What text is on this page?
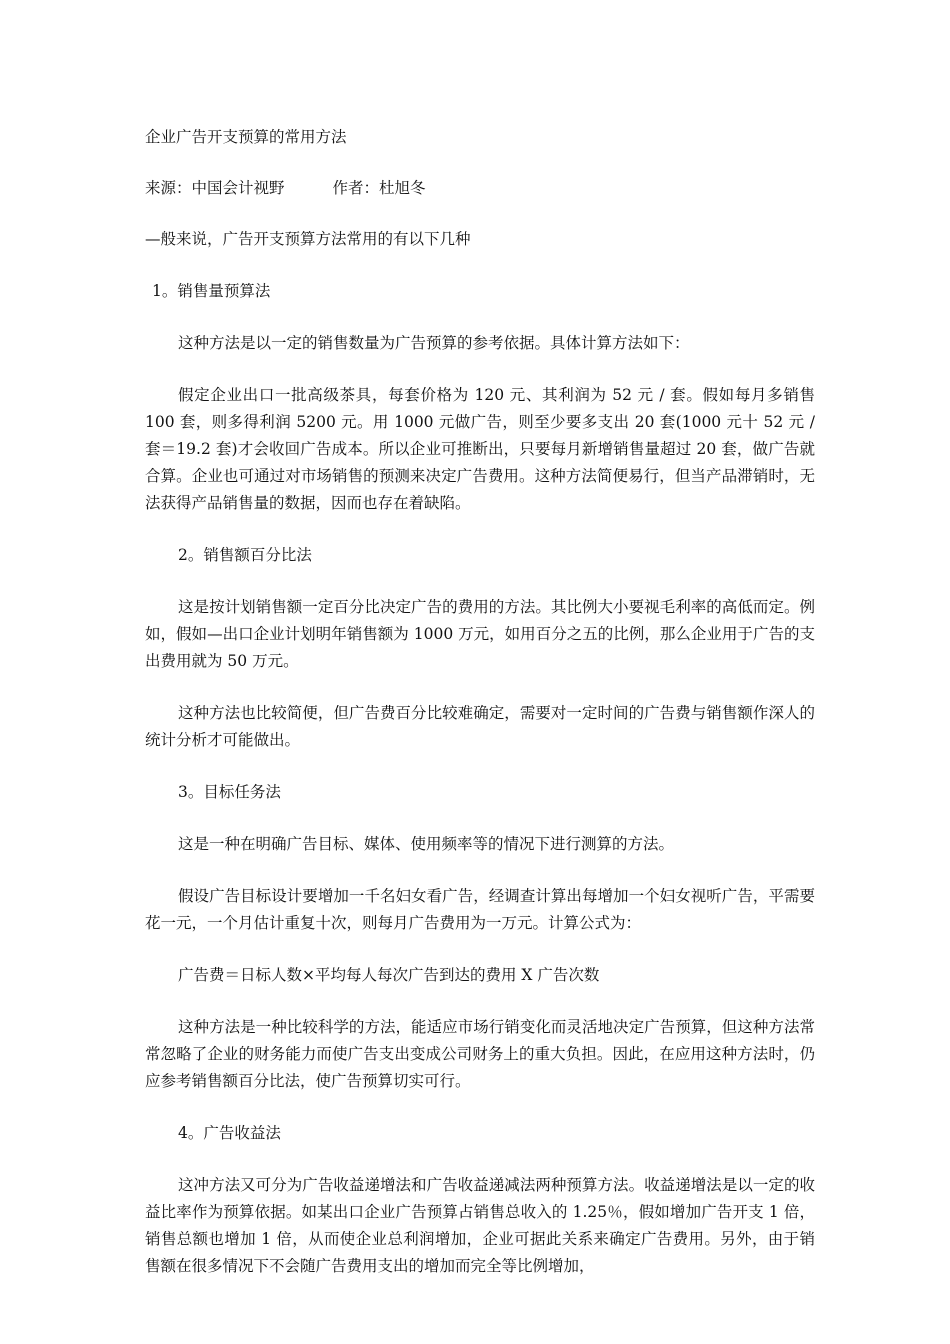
企业广告开支预算的常用方法

来源：中国会计视野	作者：杜旭冬

—般来说，广告开支预算方法常用的有以下几种

1。销售量预算法

这种方法是以一定的销售数量为广告预算的参考依据。具体计算方法如下：

假定企业出口一批高级茶具，每套价格为 120 元、其利润为 52 元 / 套。假如每月多销售 100 套，则多得利润 5200 元。用 1000 元做广告，则至少要多支出 20 套(1000 元十 52 元 / 套＝19.2 套)才会收回广告成本。所以企业可推断出，只要每月新增销售量超过 20 套，做广告就合算。企业也可通过对市场销售的预测来决定广告费用。这种方法简便易行，但当产品滞销时，无法获得产品销售量的数据，因而也存在着缺陷。

2。销售额百分比法

这是按计划销售额一定百分比决定广告的费用的方法。其比例大小要视毛利率的高低而定。例如，假如—出口企业计划明年销售额为 1000 万元，如用百分之五的比例，那么企业用于广告的支出费用就为 50 万元。

这种方法也比较简便，但广告费百分比较难确定，需要对一定时间的广告费与销售额作深人的统计分析才可能做出。

3。目标任务法

这是一种在明确广告目标、媒体、使用频率等的情况下进行测算的方法。

假设广告目标设计要增加一千名妇女看广告，经调查计算出每增加一个妇女视听广告，平需要花一元，一个月估计重复十次，则每月广告费用为一万元。计算公式为：

广告费＝日标人数×平均每人每次广告到达的费用 X 广告次数

这种方法是一种比较科学的方法，能适应市场行销变化而灵活地决定广告预算，但这种方法常常忽略了企业的财务能力而使广告支出变成公司财务上的重大负担。因此，在应用这种方法时，仍应参考销售额百分比法，使广告预算切实可行。

4。广告收益法

这冲方法又可分为广告收益递增法和广告收益递减法两种预算方法。收益递增法是以一定的收益比率作为预算依据。如某出口企业广告预算占销售总收入的 1.25％，假如增加广告开支 1 倍，销售总额也增加 1 倍，从而使企业总利润增加，企业可据此关系来确定广告费用。另外，由于销售额在很多情况下不会随广告费用支出的增加而完全等比例增加，
